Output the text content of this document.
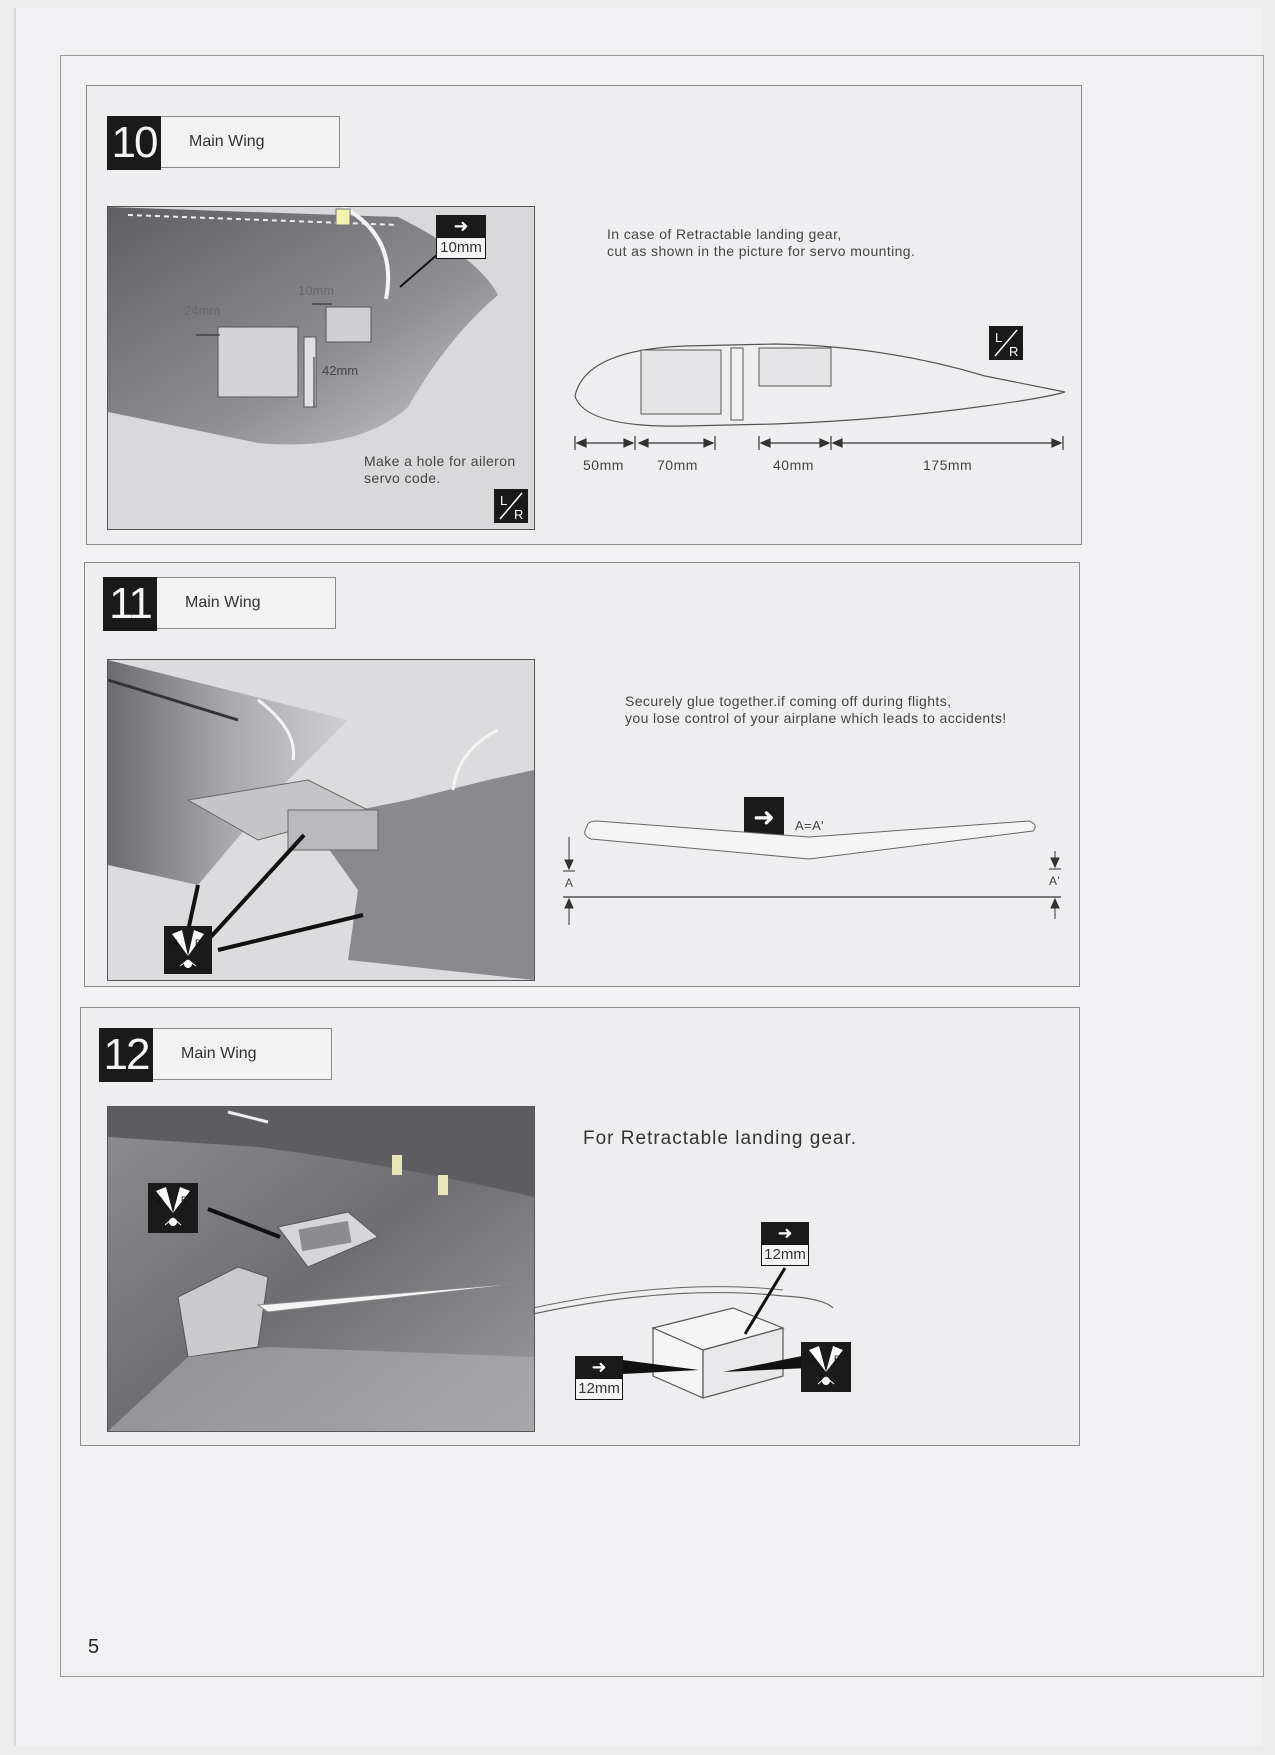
10	Main Wing
24mm
10mm
42mm
➜
10mm
Make a hole for aileron
servo code.
L
R
In case of Retractable landing gear,
cut as shown in the picture for servo mounting.
L
R
50mm 70mm	40mm	175mm
11	Main Wing
A B
Securely glue together.if coming off during flights,
you lose control of your airplane which leads to accidents!
➜	A=A'
A	A'
12	Main Wing
A B
For Retractable landing gear.
➜
12mm
➜
12mm
A B
5
